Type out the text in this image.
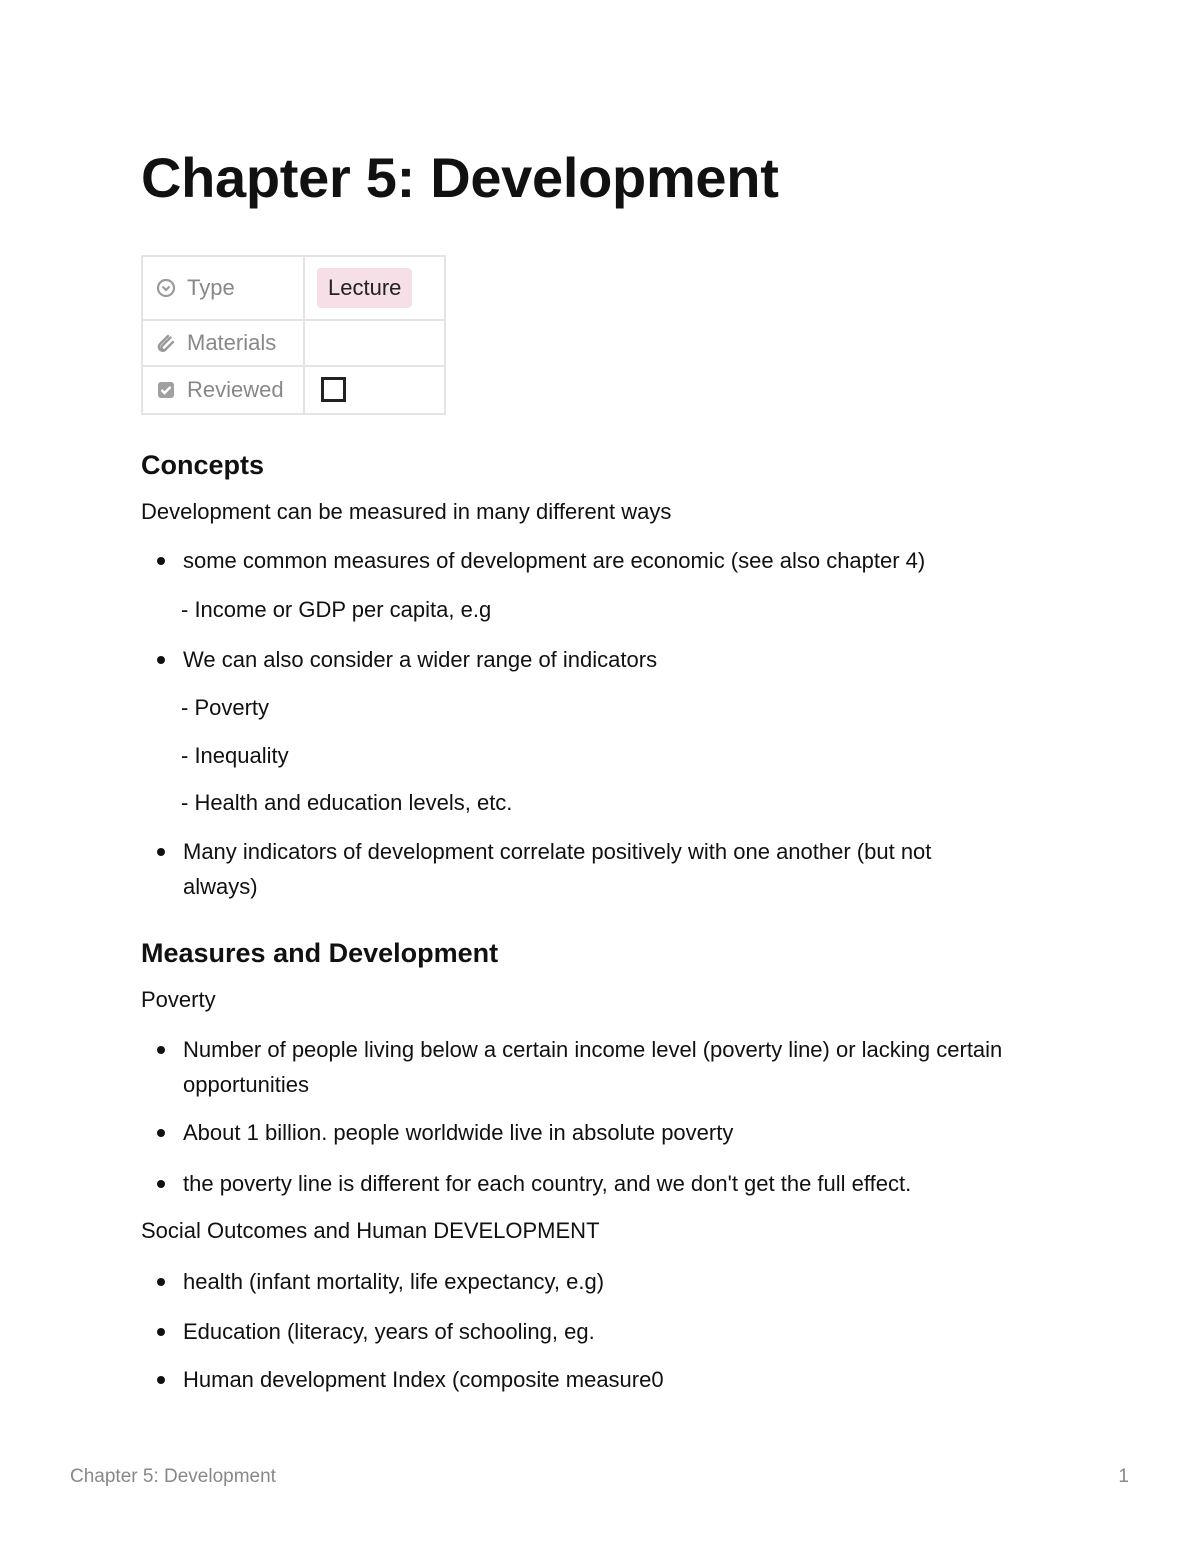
Chapter 5: Development
Type	Lecture

Materials	

Reviewed	

Concepts

Development can be measured in many different ways

some common measures of development are economic (see also chapter 4)
- Income or GDP per capita, e.g
We can also consider a wider range of indicators
- Poverty
- Inequality
- Health and education levels, etc.
Many indicators of development correlate positively with one another (but not always)
Measures and Development

Poverty

Number of people living below a certain income level (poverty line) or lacking certain opportunities
About 1 billion. people worldwide live in absolute poverty
the poverty line is different for each country, and we don't get the full effect.

Social Outcomes and Human DEVELOPMENT

health (infant mortality, life expectancy, e.g)
Education (literacy, years of schooling, eg.
Human development Index (composite measure0
Chapter 5: Development	1
